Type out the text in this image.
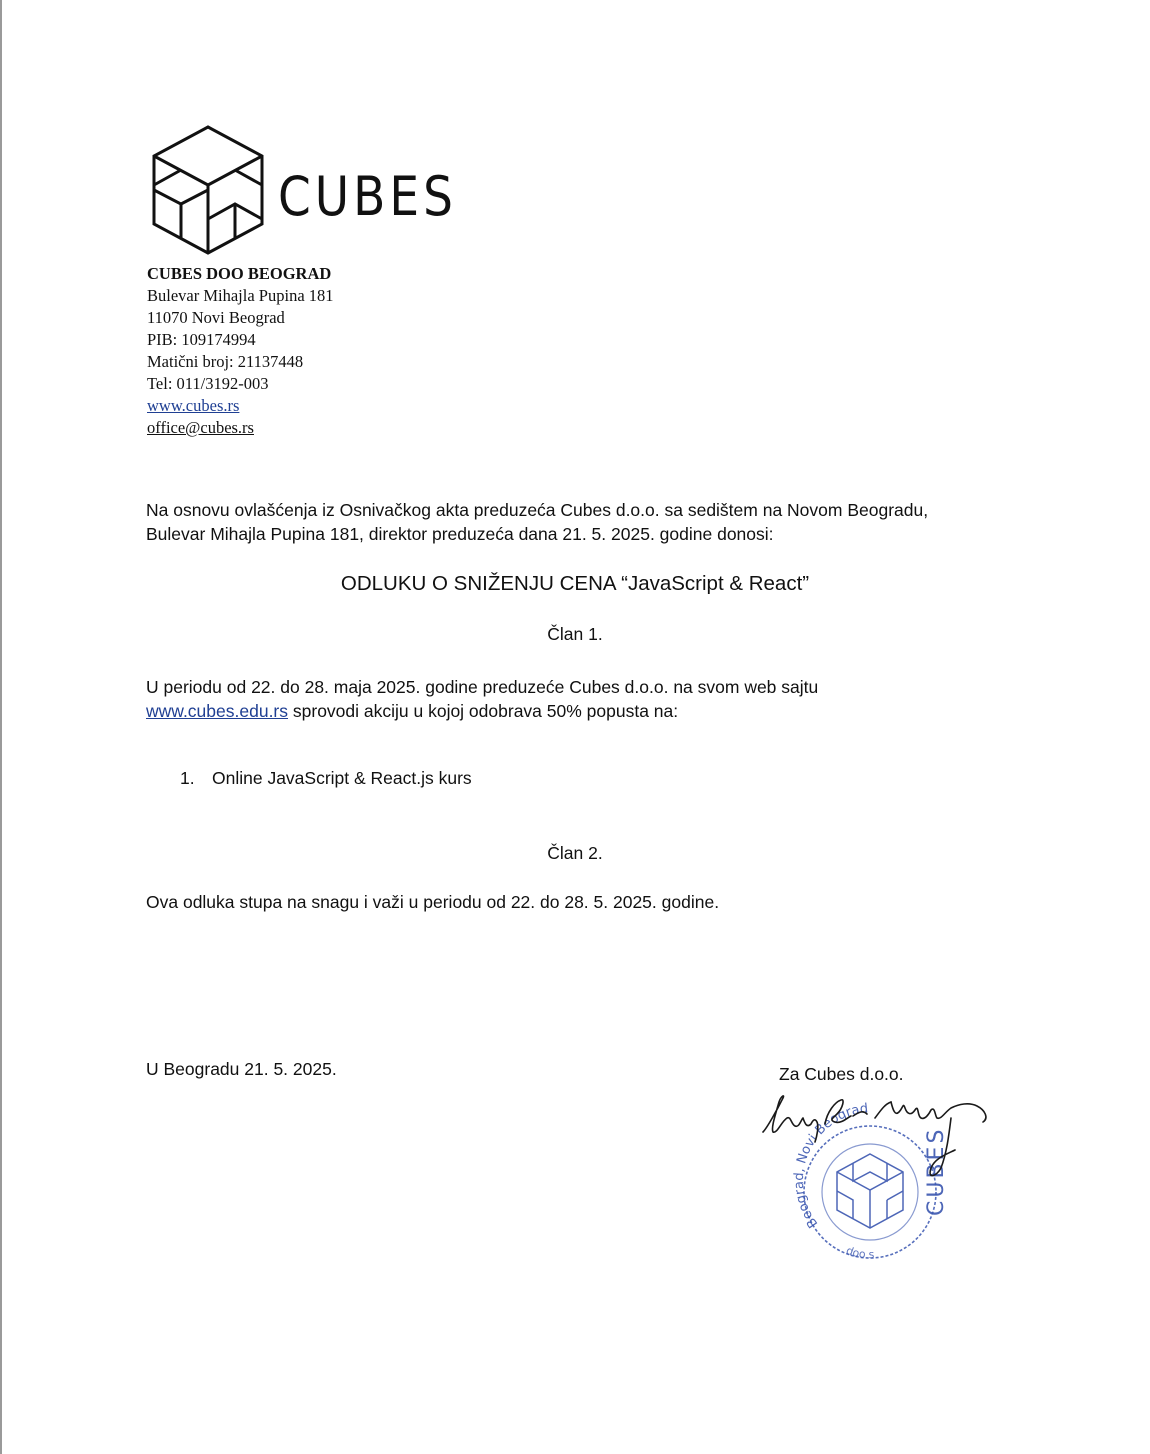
CUBES
CUBES DOO BEOGRAD
Bulevar Mihajla Pupina 181
11070 Novi Beograd
PIB: 109174994
Matični broj: 21137448
Tel: 011/3192-003
www.cubes.rs
office@cubes.rs
Na osnovu ovlašćenja iz Osnivačkog akta preduzeća Cubes d.o.o. sa sedištem na Novom Beogradu,
Bulevar Mihajla Pupina 181, direktor preduzeća dana 21. 5. 2025. godine donosi:
ODLUKU O SNIŽENJU CENA “JavaScript & React”
Član 1.
U periodu od 22. do 28. maja 2025. godine preduzeće Cubes d.o.o. na svom web sajtu
www.cubes.edu.rs sprovodi akciju u kojoj odobrava 50% popusta na:
1. Online JavaScript & React.js kurs
Član 2.
Ova odluka stupa na snagu i važi u periodu od 22. do 28. 5. 2025. godine.
U Beogradu 21. 5. 2025.	Za Cubes d.o.o.
Beograd, Novi Beograd
doo s
CUBES
